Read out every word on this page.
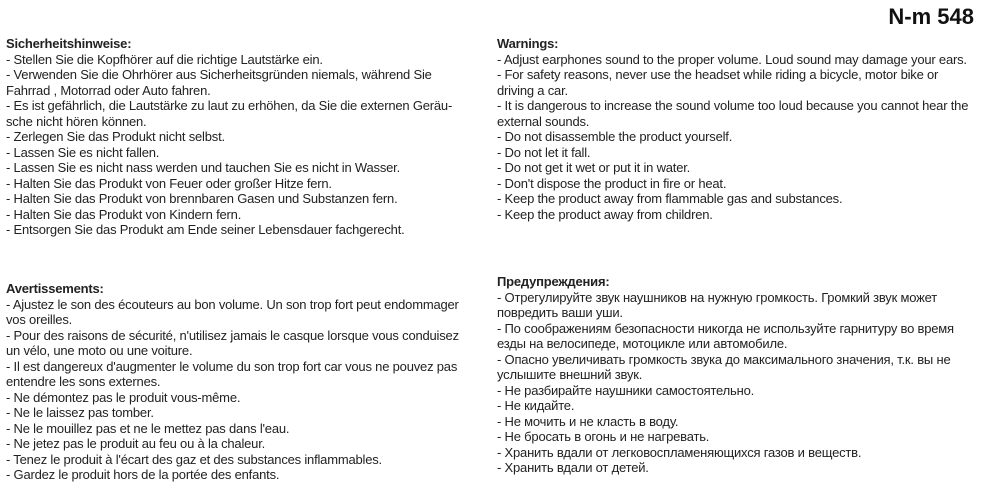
N-m 548
Sicherheitshinweise:
- Stellen Sie die Kopfhörer auf die richtige Lautstärke ein.
- Verwenden Sie die Ohrhörer aus Sicherheitsgründen niemals, während Sie
Fahrrad , Motorrad oder Auto fahren.
- Es ist gefährlich, die Lautstärke zu laut zu erhöhen, da Sie die externen Geräu-
sche nicht hören können.
- Zerlegen Sie das Produkt nicht selbst.
- Lassen Sie es nicht fallen.
- Lassen Sie es nicht nass werden und tauchen Sie es nicht in Wasser.
- Halten Sie das Produkt von Feuer oder großer Hitze fern.
- Halten Sie das Produkt von brennbaren Gasen und Substanzen fern.
- Halten Sie das Produkt von Kindern fern.
- Entsorgen Sie das Produkt am Ende seiner Lebensdauer fachgerecht.
Warnings:
- Adjust earphones sound to the proper volume. Loud sound may damage your ears.
- For safety reasons, never use the headset while riding a bicycle, motor bike or
driving a car.
- It is dangerous to increase the sound volume too loud because you cannot hear the
external sounds.
- Do not disassemble the product yourself.
- Do not let it fall.
- Do not get it wet or put it in water.
- Don't dispose the product in fire or heat.
- Keep the product away from flammable gas and substances.
- Keep the product away from children.
Avertissements:
- Ajustez le son des écouteurs au bon volume. Un son trop fort peut endommager
vos oreilles.
- Pour des raisons de sécurité, n'utilisez jamais le casque lorsque vous conduisez
un vélo, une moto ou une voiture.
- Il est dangereux d'augmenter le volume du son trop fort car vous ne pouvez pas
entendre les sons externes.
- Ne démontez pas le produit vous-même.
- Ne le laissez pas tomber.
- Ne le mouillez pas et ne le mettez pas dans l'eau.
- Ne jetez pas le produit au feu ou à la chaleur.
- Tenez le produit à l'écart des gaz et des substances inflammables.
- Gardez le produit hors de la portée des enfants.
Предупреждения:
- Отрегулируйте звук наушников на нужную громкость. Громкий звук может
повредить ваши уши.
- По соображениям безопасности никогда не используйте гарнитуру во время
езды на велосипеде, мотоцикле или автомобиле.
- Опасно увеличивать громкость звука до максимального значения, т.к. вы не
услышите внешний звук.
- Не разбирайте наушники самостоятельно.
- Не кидайте.
- Не мочить и не класть в воду.
- Не бросать в огонь и не нагревать.
- Хранить вдали от легковоспламеняющихся газов и веществ.
- Хранить вдали от детей.
